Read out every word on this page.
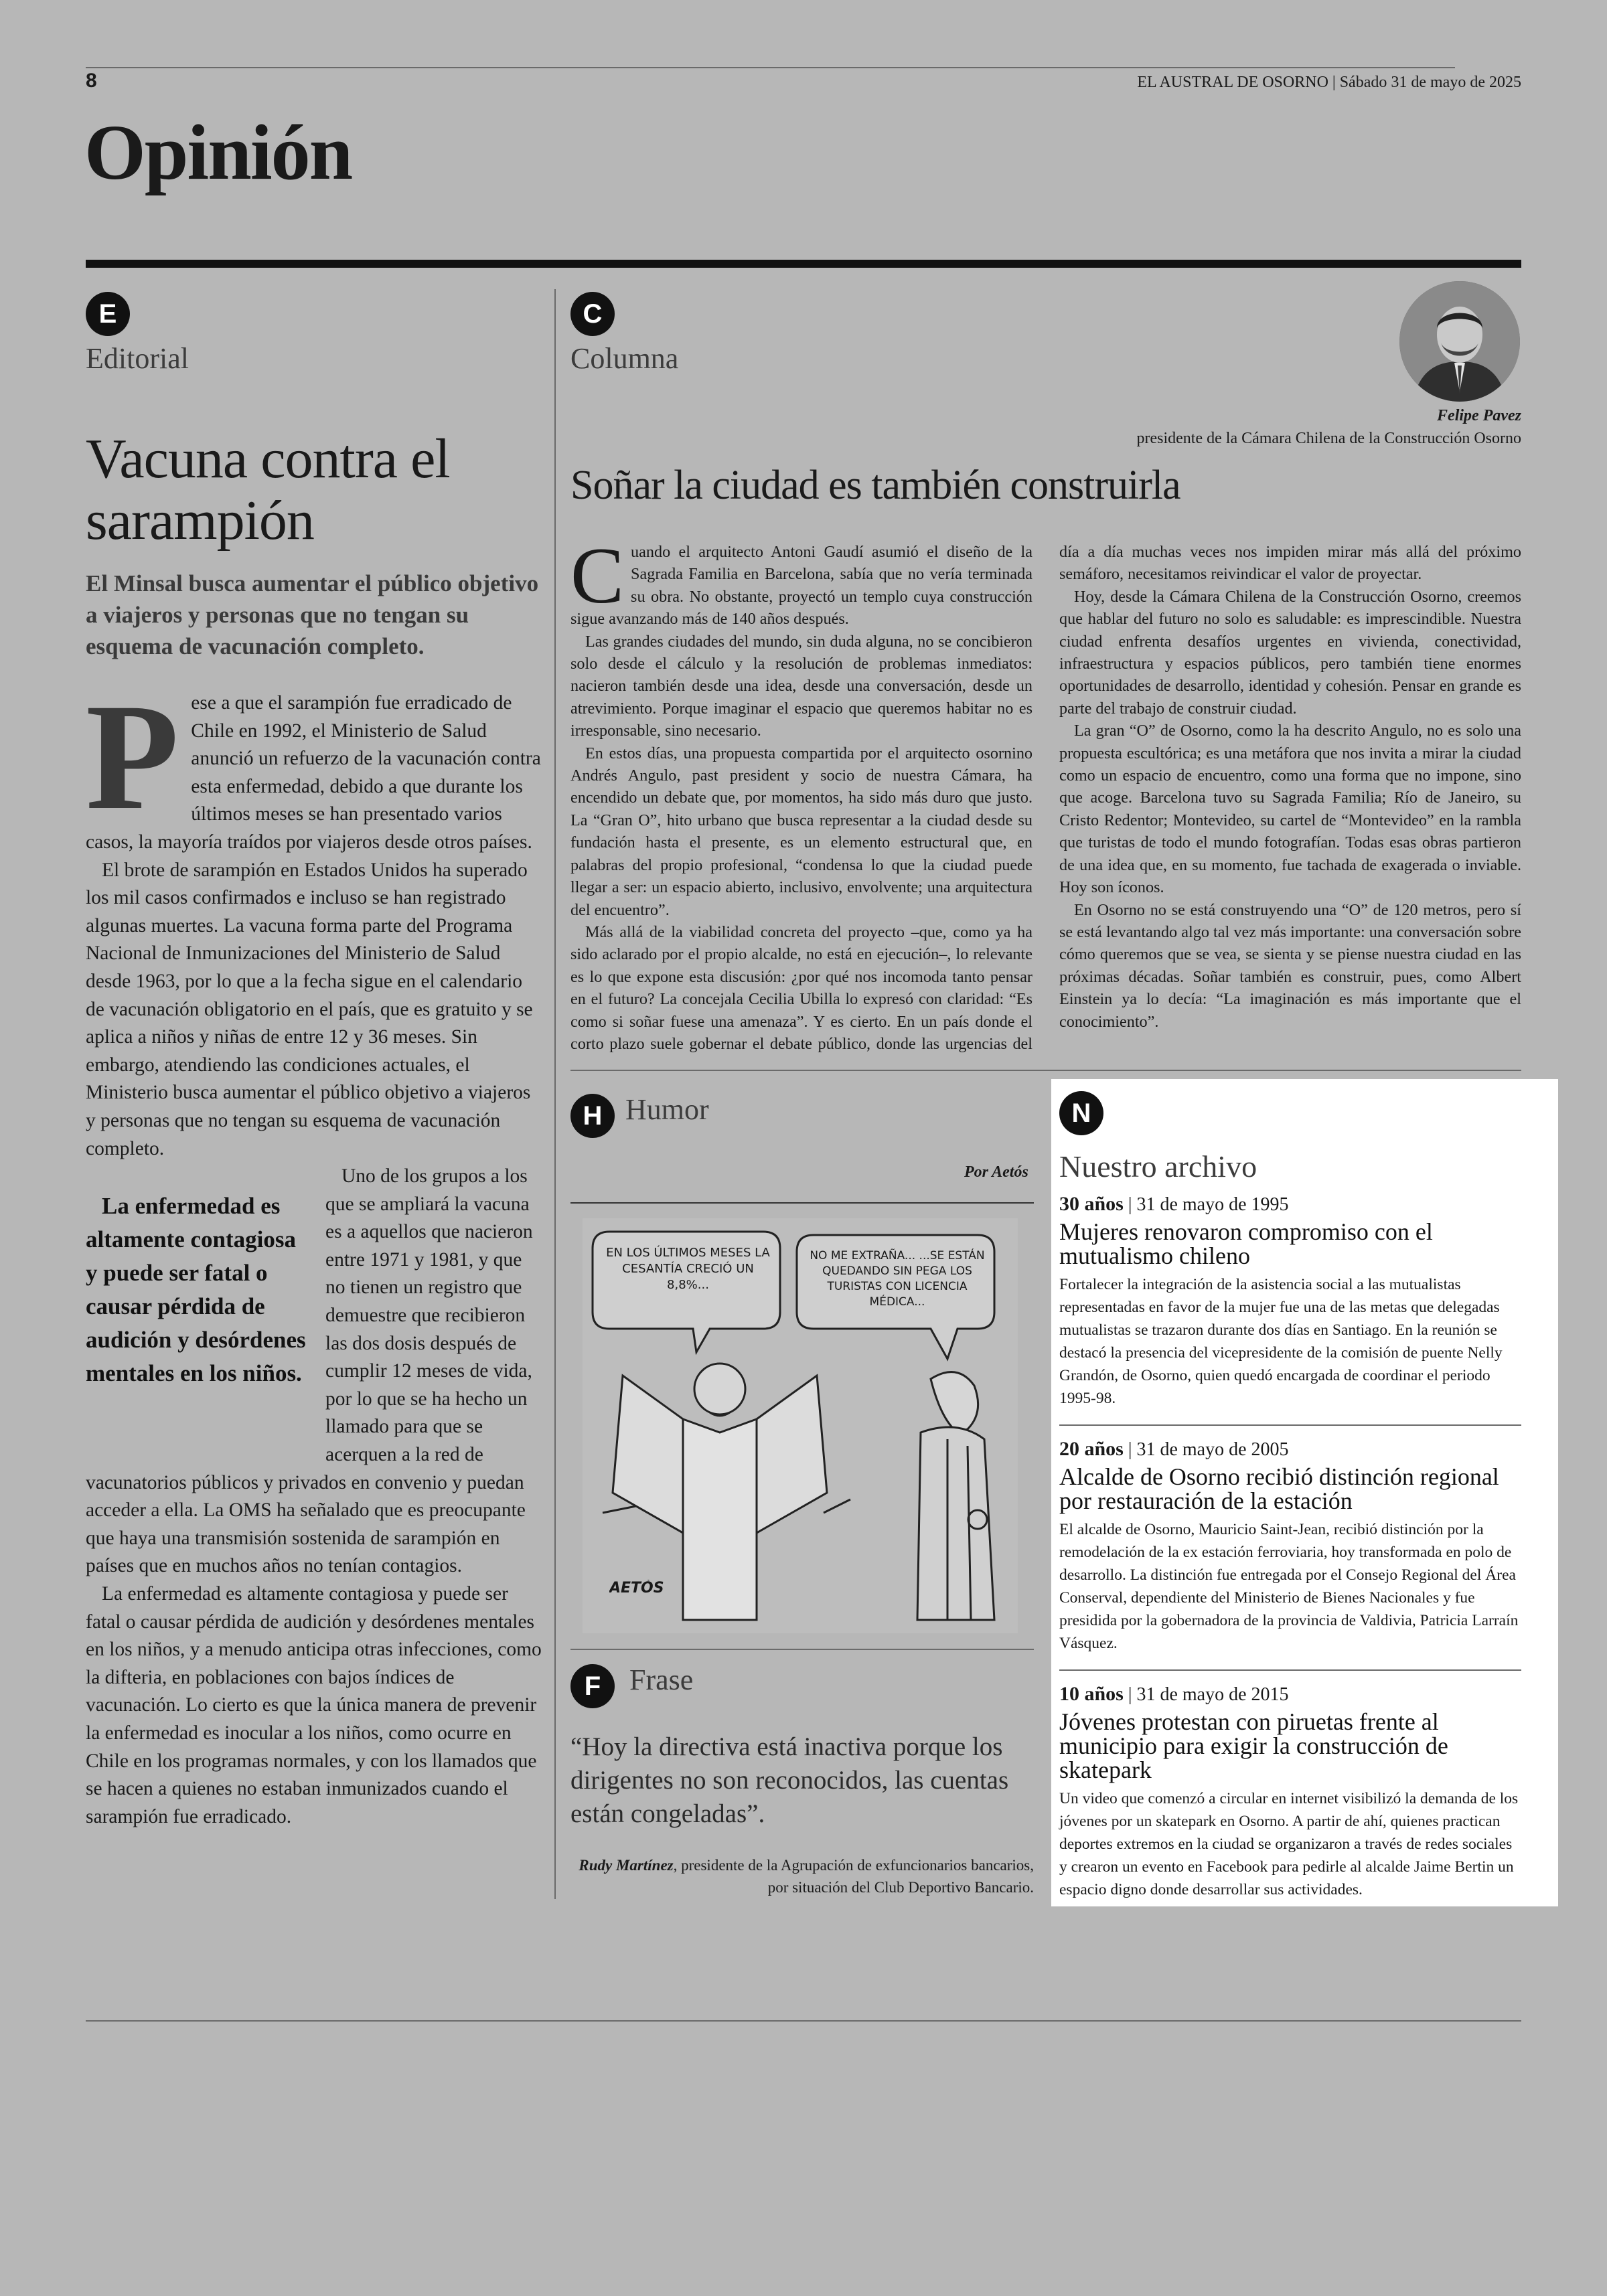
8	EL AUSTRAL DE OSORNO | Sábado 31 de mayo de 2025
Opinión
E
Editorial
Vacuna contra el sarampión
El Minsal busca aumentar el público objetivo a viajeros y personas que no tengan su esquema de vacunación completo.

Pese a que el sarampión fue erradicado de Chile en 1992, el Ministerio de Salud anunció un refuerzo de la vacunación contra esta enfermedad, debido a que durante los últimos meses se han presentado varios casos, la mayoría traídos por viajeros desde otros países.

El brote de sarampión en Estados Unidos ha superado los mil casos confirmados e incluso se han registrado algunas muertes. La vacuna forma parte del Programa Nacional de Inmunizaciones del Ministerio de Salud desde 1963, por lo que a la fecha sigue en el calendario de vacunación obligatorio en el país, que es gratuito y se aplica a niños y niñas de entre 12 y 36 meses. Sin embargo, atendiendo las condiciones actuales, el Ministerio busca aumentar el público objetivo a viajeros y personas que no tengan su esquema de vacunación completo.

La enfermedad es altamente contagiosa y puede ser fatal o causar pérdida de audición y desórdenes mentales en los niños.
Uno de los grupos a los que se ampliará la vacuna es a aquellos que nacieron entre 1971 y 1981, y que no tienen un registro que demuestre que recibieron las dos dosis después de cumplir 12 meses de vida, por lo que se ha hecho un llamado para que se acerquen a la red de vacunatorios públicos y privados en convenio y puedan acceder a ella. La OMS ha señalado que es preocupante que haya una transmisión sostenida de sarampión en países que en muchos años no tenían contagios.

La enfermedad es altamente contagiosa y puede ser fatal o causar pérdida de audición y desórdenes mentales en los niños, y a menudo anticipa otras infecciones, como la difteria, en poblaciones con bajos índices de vacunación. Lo cierto es que la única manera de prevenir la enfermedad es inocular a los niños, como ocurre en Chile en los programas normales, y con los llamados que se hacen a quienes no estaban inmunizados cuando el sarampión fue erradicado.

C
Columna
Felipe Pavez
presidente de la Cámara Chilena de la Construcción Osorno
Soñar la ciudad es también construirla

Cuando el arquitecto Antoni Gaudí asumió el diseño de la Sagrada Familia en Barcelona, sabía que no vería terminada su obra. No obstante, proyectó un templo cuya construcción sigue avanzando más de 140 años después.

Las grandes ciudades del mundo, sin duda alguna, no se concibieron solo desde el cálculo y la resolución de problemas inmediatos: nacieron también desde una idea, desde una conversación, desde un atrevimiento. Porque imaginar el espacio que queremos habitar no es irresponsable, sino necesario.

En estos días, una propuesta compartida por el arquitecto osornino Andrés Angulo, past president y socio de nuestra Cámara, ha encendido un debate que, por momentos, ha sido más duro que justo. La “Gran O”, hito urbano que busca representar a la ciudad desde su fundación hasta el presente, es un elemento estructural que, en palabras del propio profesional, “condensa lo que la ciudad puede llegar a ser: un espacio abierto, inclusivo, envolvente; una arquitectura del encuentro”.

Más allá de la viabilidad concreta del proyecto –que, como ya ha sido aclarado por el propio alcalde, no está en ejecución–, lo relevante es lo que expone esta discusión: ¿por qué nos incomoda tanto pensar en el futuro? La concejala Cecilia Ubilla lo expresó con claridad: “Es como si soñar fuese una amenaza”. Y es cierto. En un país donde el corto plazo suele gobernar el debate público, donde las urgencias del día a día muchas veces nos impiden mirar más allá del próximo semáforo, necesitamos reivindicar el valor de proyectar.

Hoy, desde la Cámara Chilena de la Construcción Osorno, creemos que hablar del futuro no solo es saludable: es imprescindible. Nuestra ciudad enfrenta desafíos urgentes en vivienda, conectividad, infraestructura y espacios públicos, pero también tiene enormes oportunidades de desarrollo, identidad y cohesión. Pensar en grande es parte del trabajo de construir ciudad.

La gran “O” de Osorno, como la ha descrito Angulo, no es solo una propuesta escultórica; es una metáfora que nos invita a mirar la ciudad como un espacio de encuentro, como una forma que no impone, sino que acoge. Barcelona tuvo su Sagrada Familia; Río de Janeiro, su Cristo Redentor; Montevideo, su cartel de “Montevideo” en la rambla que turistas de todo el mundo fotografían. Todas esas obras partieron de una idea que, en su momento, fue tachada de exagerada o inviable. Hoy son íconos.

En Osorno no se está construyendo una “O” de 120 metros, pero sí se está levantando algo tal vez más importante: una conversación sobre cómo queremos que se vea, se sienta y se piense nuestra ciudad en las próximas décadas. Soñar también es construir, pues, como Albert Einstein ya lo decía: “La imaginación es más importante que el conocimiento”.

H Humor
Por Aetós
EN LOS ÚLTIMOS MESES LA CESANTÍA CRECIÓ UN 8,8%...
NO ME EXTRAÑA... ...SE ESTÁN QUEDANDO SIN PEGA LOS TURISTAS CON LICENCIA MÉDICA...
AETÓS
F Frase
“Hoy la directiva está inactiva porque los dirigentes no son reconocidos, las cuentas están congeladas”.
Rudy Martínez, presidente de la Agrupación de exfuncionarios bancarios, por situación del Club Deportivo Bancario.
N
Nuestro archivo
30 años | 31 de mayo de 1995
Mujeres renovaron compromiso con el mutualismo chileno
Fortalecer la integración de la asistencia social a las mutualistas representadas en favor de la mujer fue una de las metas que delegadas mutualistas se trazaron durante dos días en Santiago. En la reunión se destacó la presencia del vicepresidente de la comisión de puente Nelly Grandón, de Osorno, quien quedó encargada de coordinar el periodo 1995-98.
20 años | 31 de mayo de 2005
Alcalde de Osorno recibió distinción regional por restauración de la estación
El alcalde de Osorno, Mauricio Saint-Jean, recibió distinción por la remodelación de la ex estación ferroviaria, hoy transformada en polo de desarrollo. La distinción fue entregada por el Consejo Regional del Área Conserval, dependiente del Ministerio de Bienes Nacionales y fue presidida por la gobernadora de la provincia de Valdivia, Patricia Larraín Vásquez.
10 años | 31 de mayo de 2015
Jóvenes protestan con piruetas frente al municipio para exigir la construcción de skatepark
Un video que comenzó a circular en internet visibilizó la demanda de los jóvenes por un skatepark en Osorno. A partir de ahí, quienes practican deportes extremos en la ciudad se organizaron a través de redes sociales y crearon un evento en Facebook para pedirle al alcalde Jaime Bertin un espacio digno donde desarrollar sus actividades.
